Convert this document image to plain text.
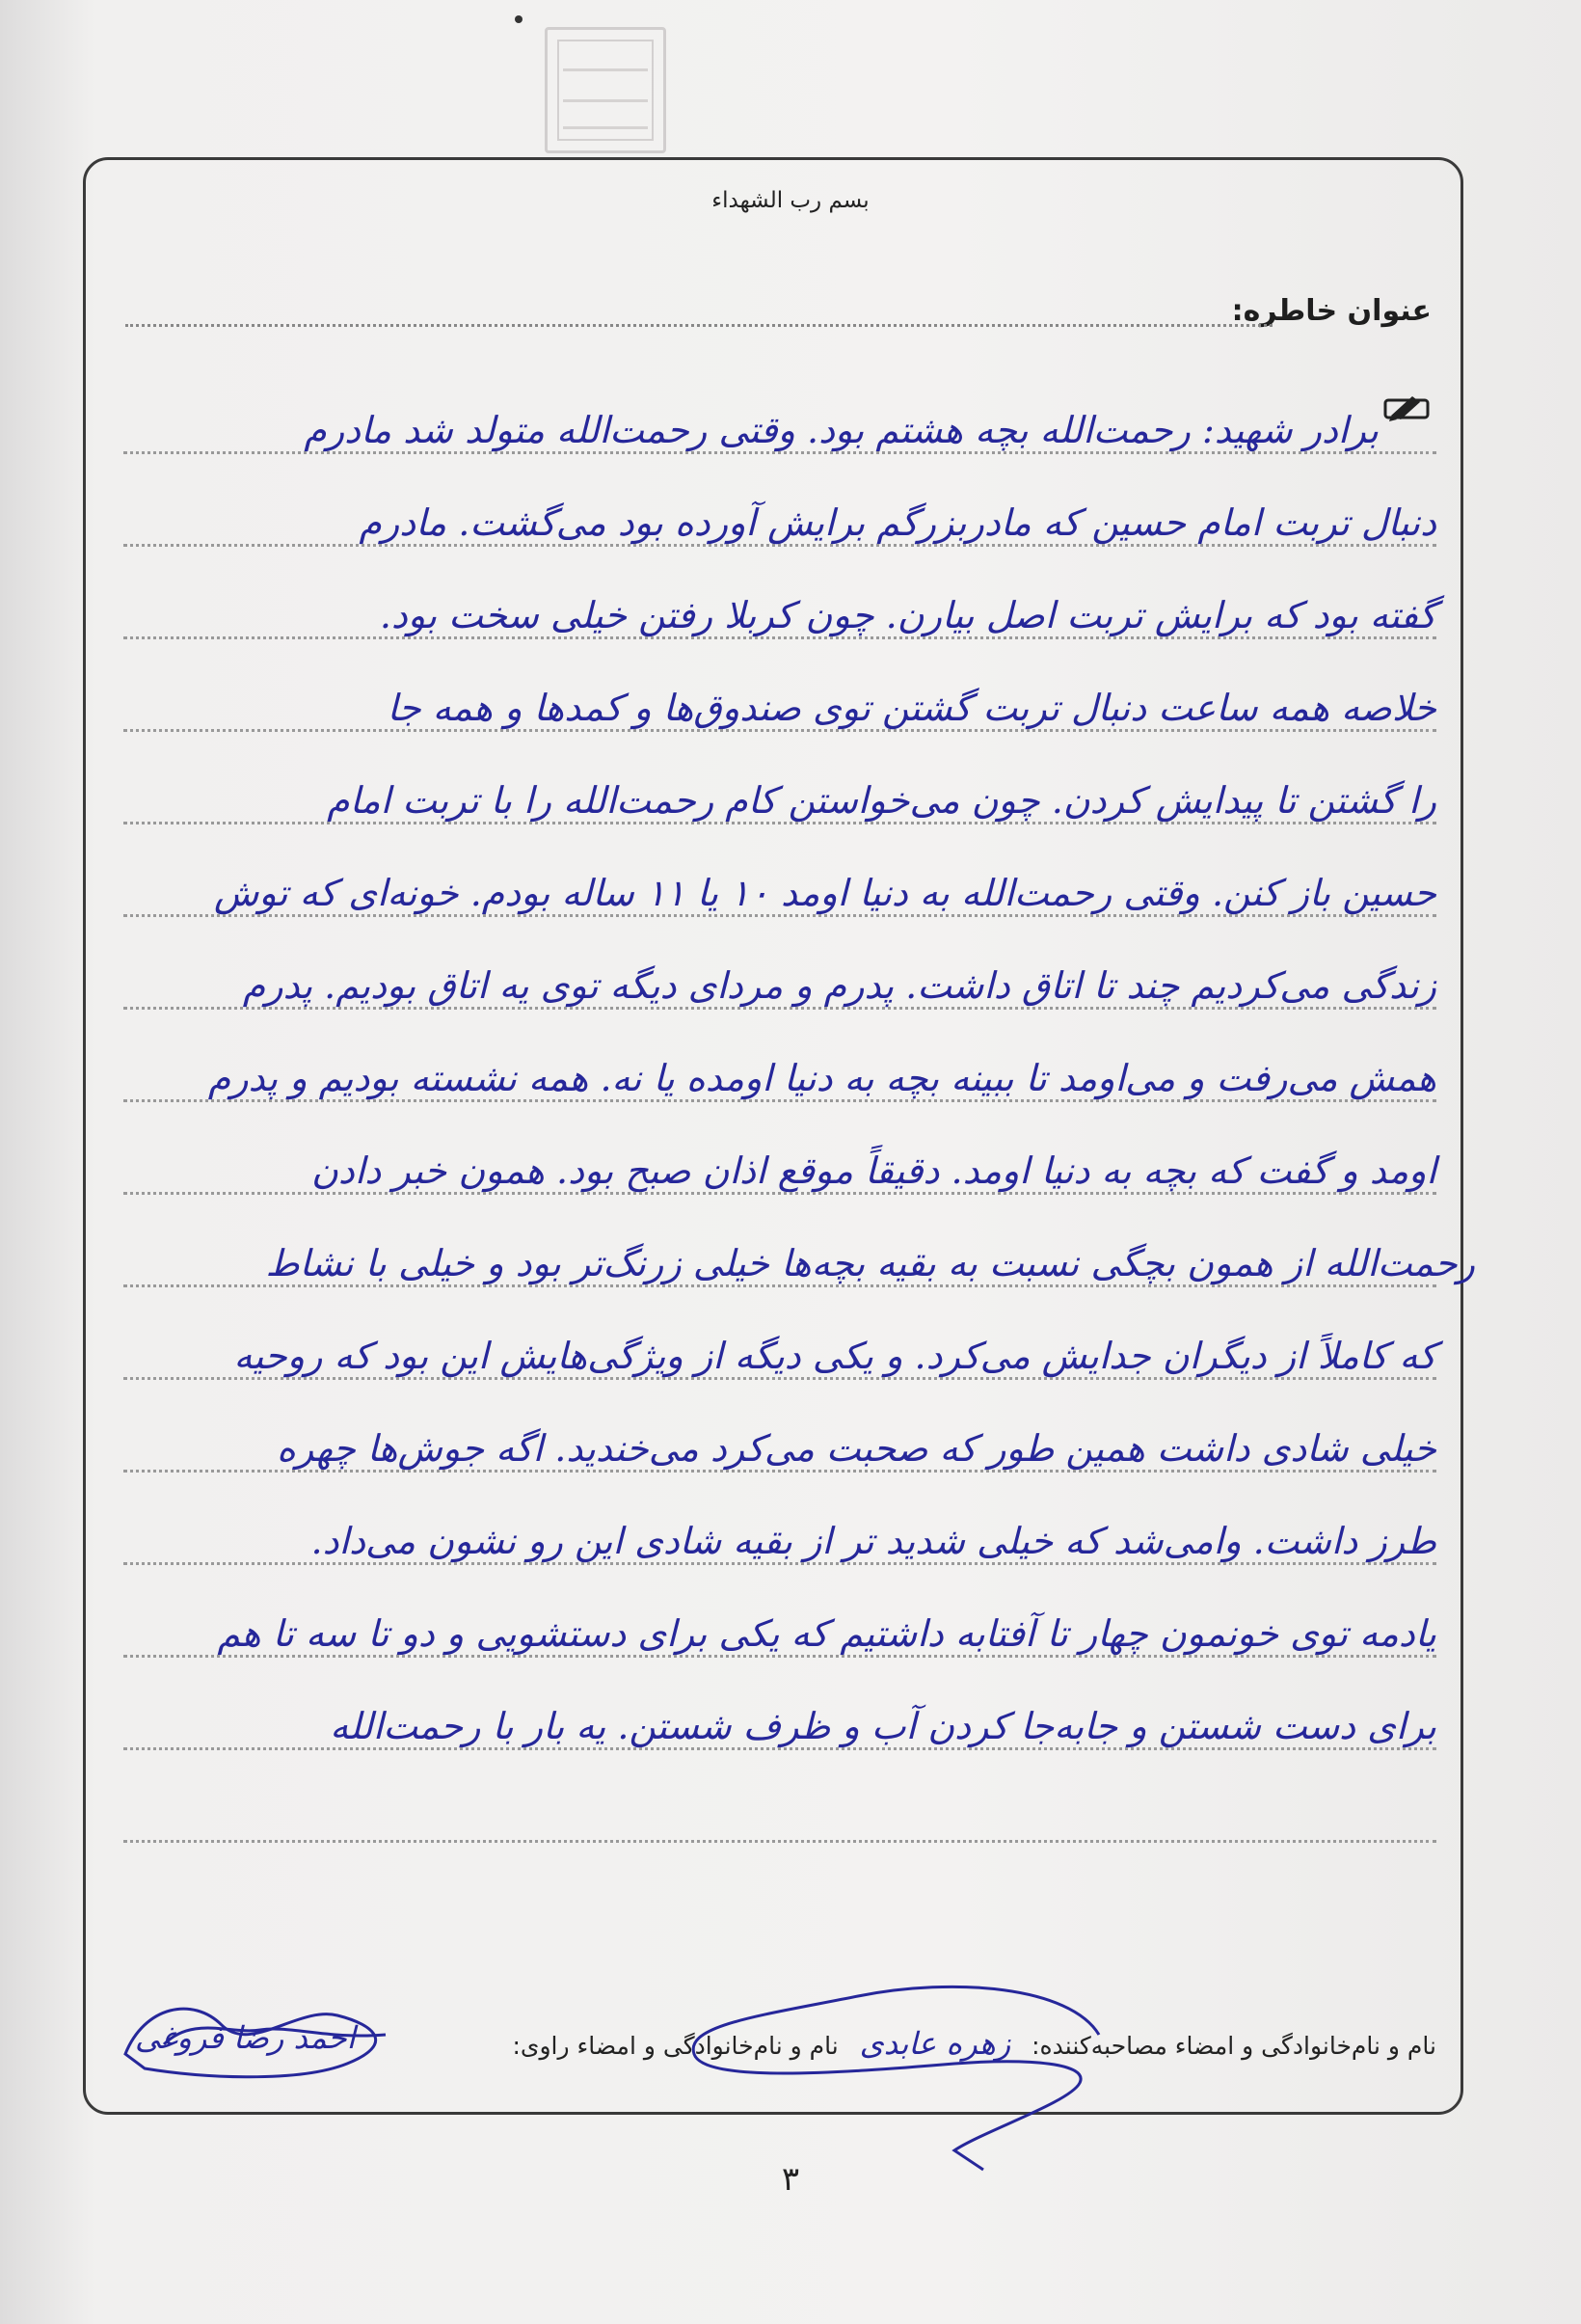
بسم رب الشهداء
عنوان خاطره:
برادر شهید: رحمت‌الله بچه هشتم بود. وقتی رحمت‌الله متولد شد مادرم
دنبال تربت امام حسین که مادربزرگم برایش آورده بود می‌گشت. مادرم
گفته بود که برایش تربت اصل بیارن. چون کربلا رفتن خیلی سخت بود.
خلاصه همه ساعت دنبال تربت گشتن توی صندوق‌ها و کمدها و همه جا
را گشتن تا پیدایش کردن. چون می‌خواستن کام رحمت‌الله را با تربت امام
حسین باز کنن. وقتی رحمت‌الله به دنیا اومد ۱۰ یا ۱۱ ساله بودم. خونه‌ای که توش
زندگی می‌کردیم چند تا اتاق داشت. پدرم و مردای دیگه توی یه اتاق بودیم. پدرم
همش می‌رفت و می‌اومد تا ببینه بچه به دنیا اومده یا نه. همه نشسته بودیم و پدرم
اومد و گفت که بچه به دنیا اومد. دقیقاً موقع اذان صبح بود. همون خبر دادن
رحمت‌الله از همون بچگی نسبت به بقیه بچه‌ها خیلی زرنگ‌تر بود و خیلی با نشاط
که کاملاً از دیگران جدایش می‌کرد. و یکی دیگه از ویژگی‌هایش این بود که روحیه
خیلی شادی داشت همین طور که صحبت می‌کرد می‌خندید. اگه جوش‌ها چهره
طرز داشت. وامی‌شد که خیلی شدید تر از بقیه شادی این رو نشون می‌داد.
یادمه توی خونمون چهار تا آفتابه داشتیم که یکی برای دستشویی و دو تا سه تا هم
برای دست شستن و جابه‌جا کردن آب و ظرف شستن. یه بار با رحمت‌الله
نام و نام‌خانوادگی و امضاء مصاحبه‌کننده: زهره عابدی نام و نام‌خانوادگی و امضاء راوی:
احمد رضا فروغی
۳
